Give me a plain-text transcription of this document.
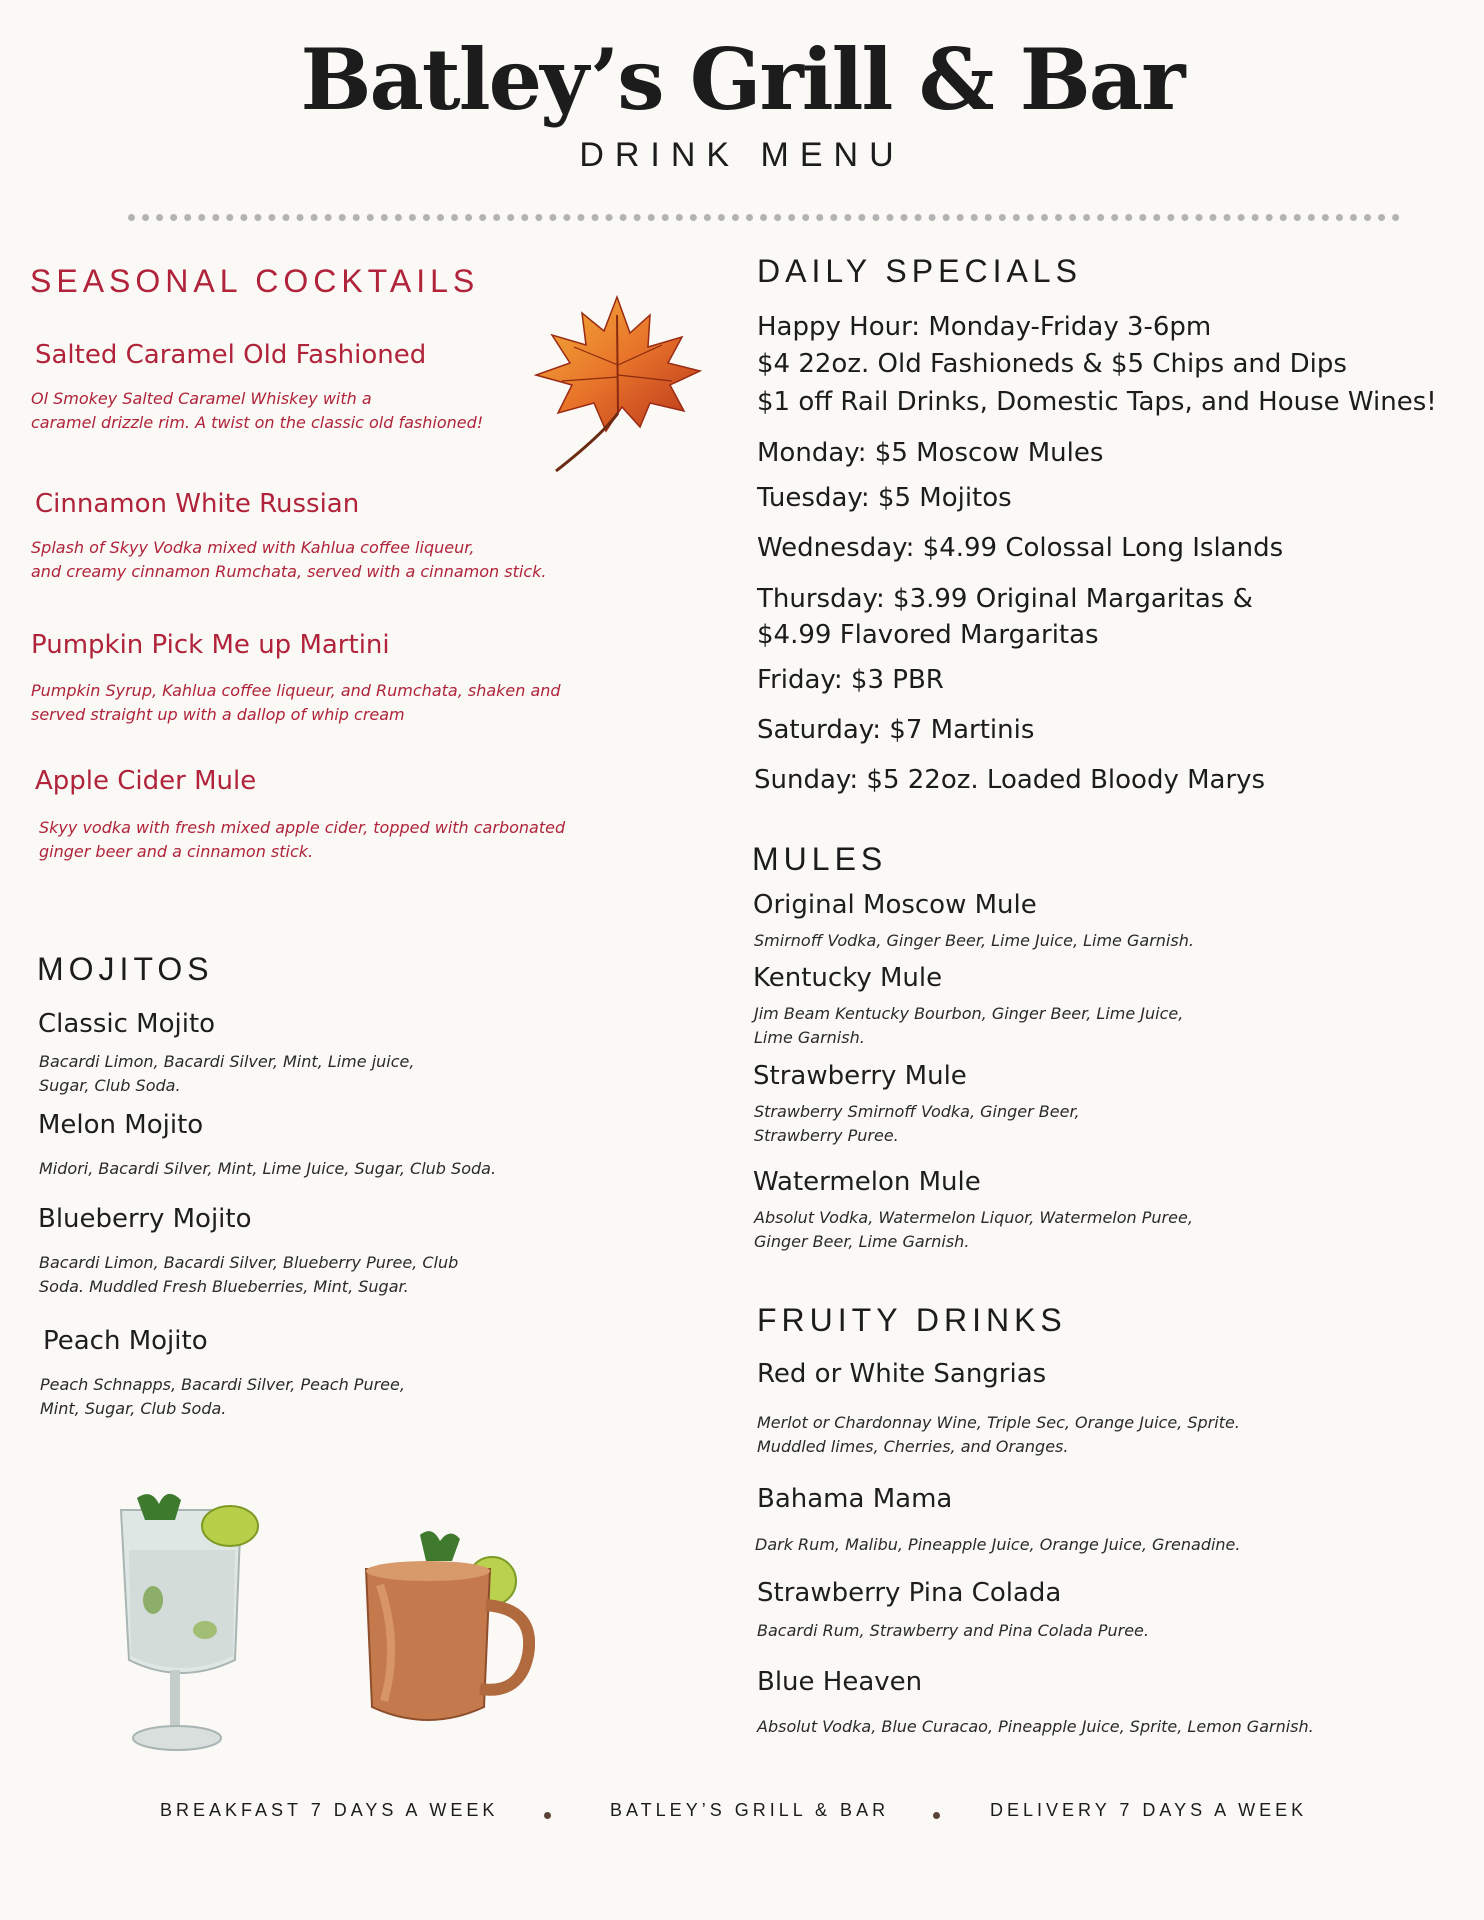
Batley’s Grill & Bar
DRINK MENU
SEASONAL COCKTAILS
Salted Caramel Old Fashioned
Ol Smokey Salted Caramel Whiskey with a
caramel drizzle rim. A twist on the classic old fashioned!
Cinnamon White Russian
Splash of Skyy Vodka mixed with Kahlua coffee liqueur,
and creamy cinnamon Rumchata, served with a cinnamon stick.
Pumpkin Pick Me up Martini
Pumpkin Syrup, Kahlua coffee liqueur, and Rumchata, shaken and
served straight up with a dallop of whip cream
Apple Cider Mule
Skyy vodka with fresh mixed apple cider, topped with carbonated
ginger beer and a cinnamon stick.
MOJITOS
Classic Mojito
Bacardi Limon, Bacardi Silver, Mint, Lime juice,
Sugar, Club Soda.
Melon Mojito
Midori, Bacardi Silver, Mint, Lime Juice, Sugar, Club Soda.
Blueberry Mojito
Bacardi Limon, Bacardi Silver, Blueberry Puree, Club
Soda. Muddled Fresh Blueberries, Mint, Sugar.
Peach Mojito
Peach Schnapps, Bacardi Silver, Peach Puree,
Mint, Sugar, Club Soda.
DAILY SPECIALS
Happy Hour: Monday-Friday 3-6pm
$4 22oz. Old Fashioneds & $5 Chips and Dips
$1 off Rail Drinks, Domestic Taps, and House Wines!
Monday: $5 Moscow Mules
Tuesday: $5 Mojitos
Wednesday: $4.99 Colossal Long Islands
Thursday: $3.99 Original Margaritas &
$4.99 Flavored Margaritas
Friday: $3 PBR
Saturday: $7 Martinis
Sunday: $5 22oz. Loaded Bloody Marys
MULES
Original Moscow Mule
Smirnoff Vodka, Ginger Beer, Lime Juice, Lime Garnish.
Kentucky Mule
Jim Beam Kentucky Bourbon, Ginger Beer, Lime Juice,
Lime Garnish.
Strawberry Mule
Strawberry Smirnoff Vodka, Ginger Beer,
Strawberry Puree.
Watermelon Mule
Absolut Vodka, Watermelon Liquor, Watermelon Puree,
Ginger Beer, Lime Garnish.
FRUITY DRINKS
Red or White Sangrias
Merlot or Chardonnay Wine, Triple Sec, Orange Juice, Sprite.
Muddled limes, Cherries, and Oranges.
Bahama Mama
Dark Rum, Malibu, Pineapple Juice, Orange Juice, Grenadine.
Strawberry Pina Colada
Bacardi Rum, Strawberry and Pina Colada Puree.
Blue Heaven
Absolut Vodka, Blue Curacao, Pineapple Juice, Sprite, Lemon Garnish.
BREAKFAST 7 DAYS A WEEK	BATLEY’S GRILL & BAR	DELIVERY 7 DAYS A WEEK
